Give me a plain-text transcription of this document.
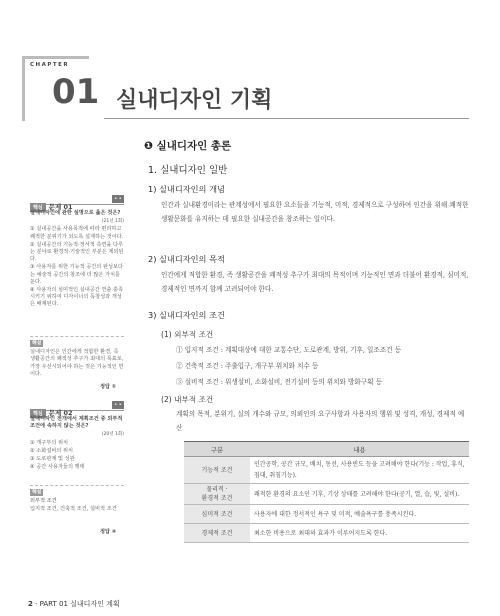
CHAPTER
01 실내디자인 기획
핵심 문제 01
• • •

실내디자인에 관한 설명으로 옳은 것은?

(21년 1회)

① 실내공간을 사용목적에 따라 편리하고 쾌적한 분위기가 되도록 설계하는 것이다.

② 실내공간의 기능적·정서적 측면을 다루는 분야로 환경적·기술적인 부분은 제외된다.

③ 사용자를 위한 기능적 공간의 완성보다는 예술적 공간의 창조에 더 많은 가치를 둔다.

④ 사용자의 심미적인 실내공간 연출 충족시키기 위하여 디자이너의 독창성과 개성은 배제된다.

해설

실내디자인은 인간에게 적합한 환경, 즉 생활공간의 쾌적성 추구가 최대의 목표로, 가장 우선시되어야 하는 것은 기능적인 면이다.

정답 ①
핵심 문제 02
• • •

실내디자인 전개에서 계획조건 중 외부적 조건에 속하지 않는 것은?

(20년 1회)

① 개구부의 위치

② 소화설비의 위치

③ 도로관계 및 성관

④ 공간 사용자들의 행태

해설

외부적 조건

입지적 조건, 건축적 조건, 설비적 조건

정답 ④
❶ 실내디자인 총론
1. 실내디자인 일반
1) 실내디자인의 개념
인간과 실내환경이라는 관계성에서 필요한 요소들을 기능적, 미적, 경제적으로 구성하여 인간을 위해 쾌적한 생활문화를 유지하는 데 필요한 실내공간을 창조하는 일이다.
2) 실내디자인의 목적
인간에게 적합한 환경, 즉 생활공간을 쾌적성 추구가 최대의 목적이며 기능적인 면과 더불어 환경적, 심미적, 경제적인 면까지 함께 고려되어야 한다.
3) 실내디자인의 조건
(1) 외부적 조건
① 입지적 조건 : 계획대상에 대한 교통수단, 도로관계, 방위, 기후, 일조조건 등
② 건축적 조건 : 주출입구, 개구부 위치와 치수 등
③ 설비적 조건 : 위생설비, 소화설비, 전기설비 등의 위치와 방화구획 등
(2) 내부적 조건
계획의 목적, 분위기, 실의 개수와 규모, 의뢰인의 요구사항과 사용자의 행위 및 성격, 개성, 경제적 예산
구분	내용
기능적 조건	인간공학, 공간 규모, 배치, 동선, 사용빈도 등을 고려해야 한다(기능 : 작업, 휴식, 침대, 취침기능).
물리적 ·
환경적 조건	쾌적한 환경의 요소인 기후, 기상 상태를 고려해야 한다(공기, 열, 습, 빛, 설비).
심미적 조건	사용자에 대한 정서적인 욕구 및 미적, 예술욕구를 충족시킨다.
경제적 조건	최소한 비용으로 최대의 효과가 이루어지도록 한다.
2 · PART 01 실내디자인 계획
